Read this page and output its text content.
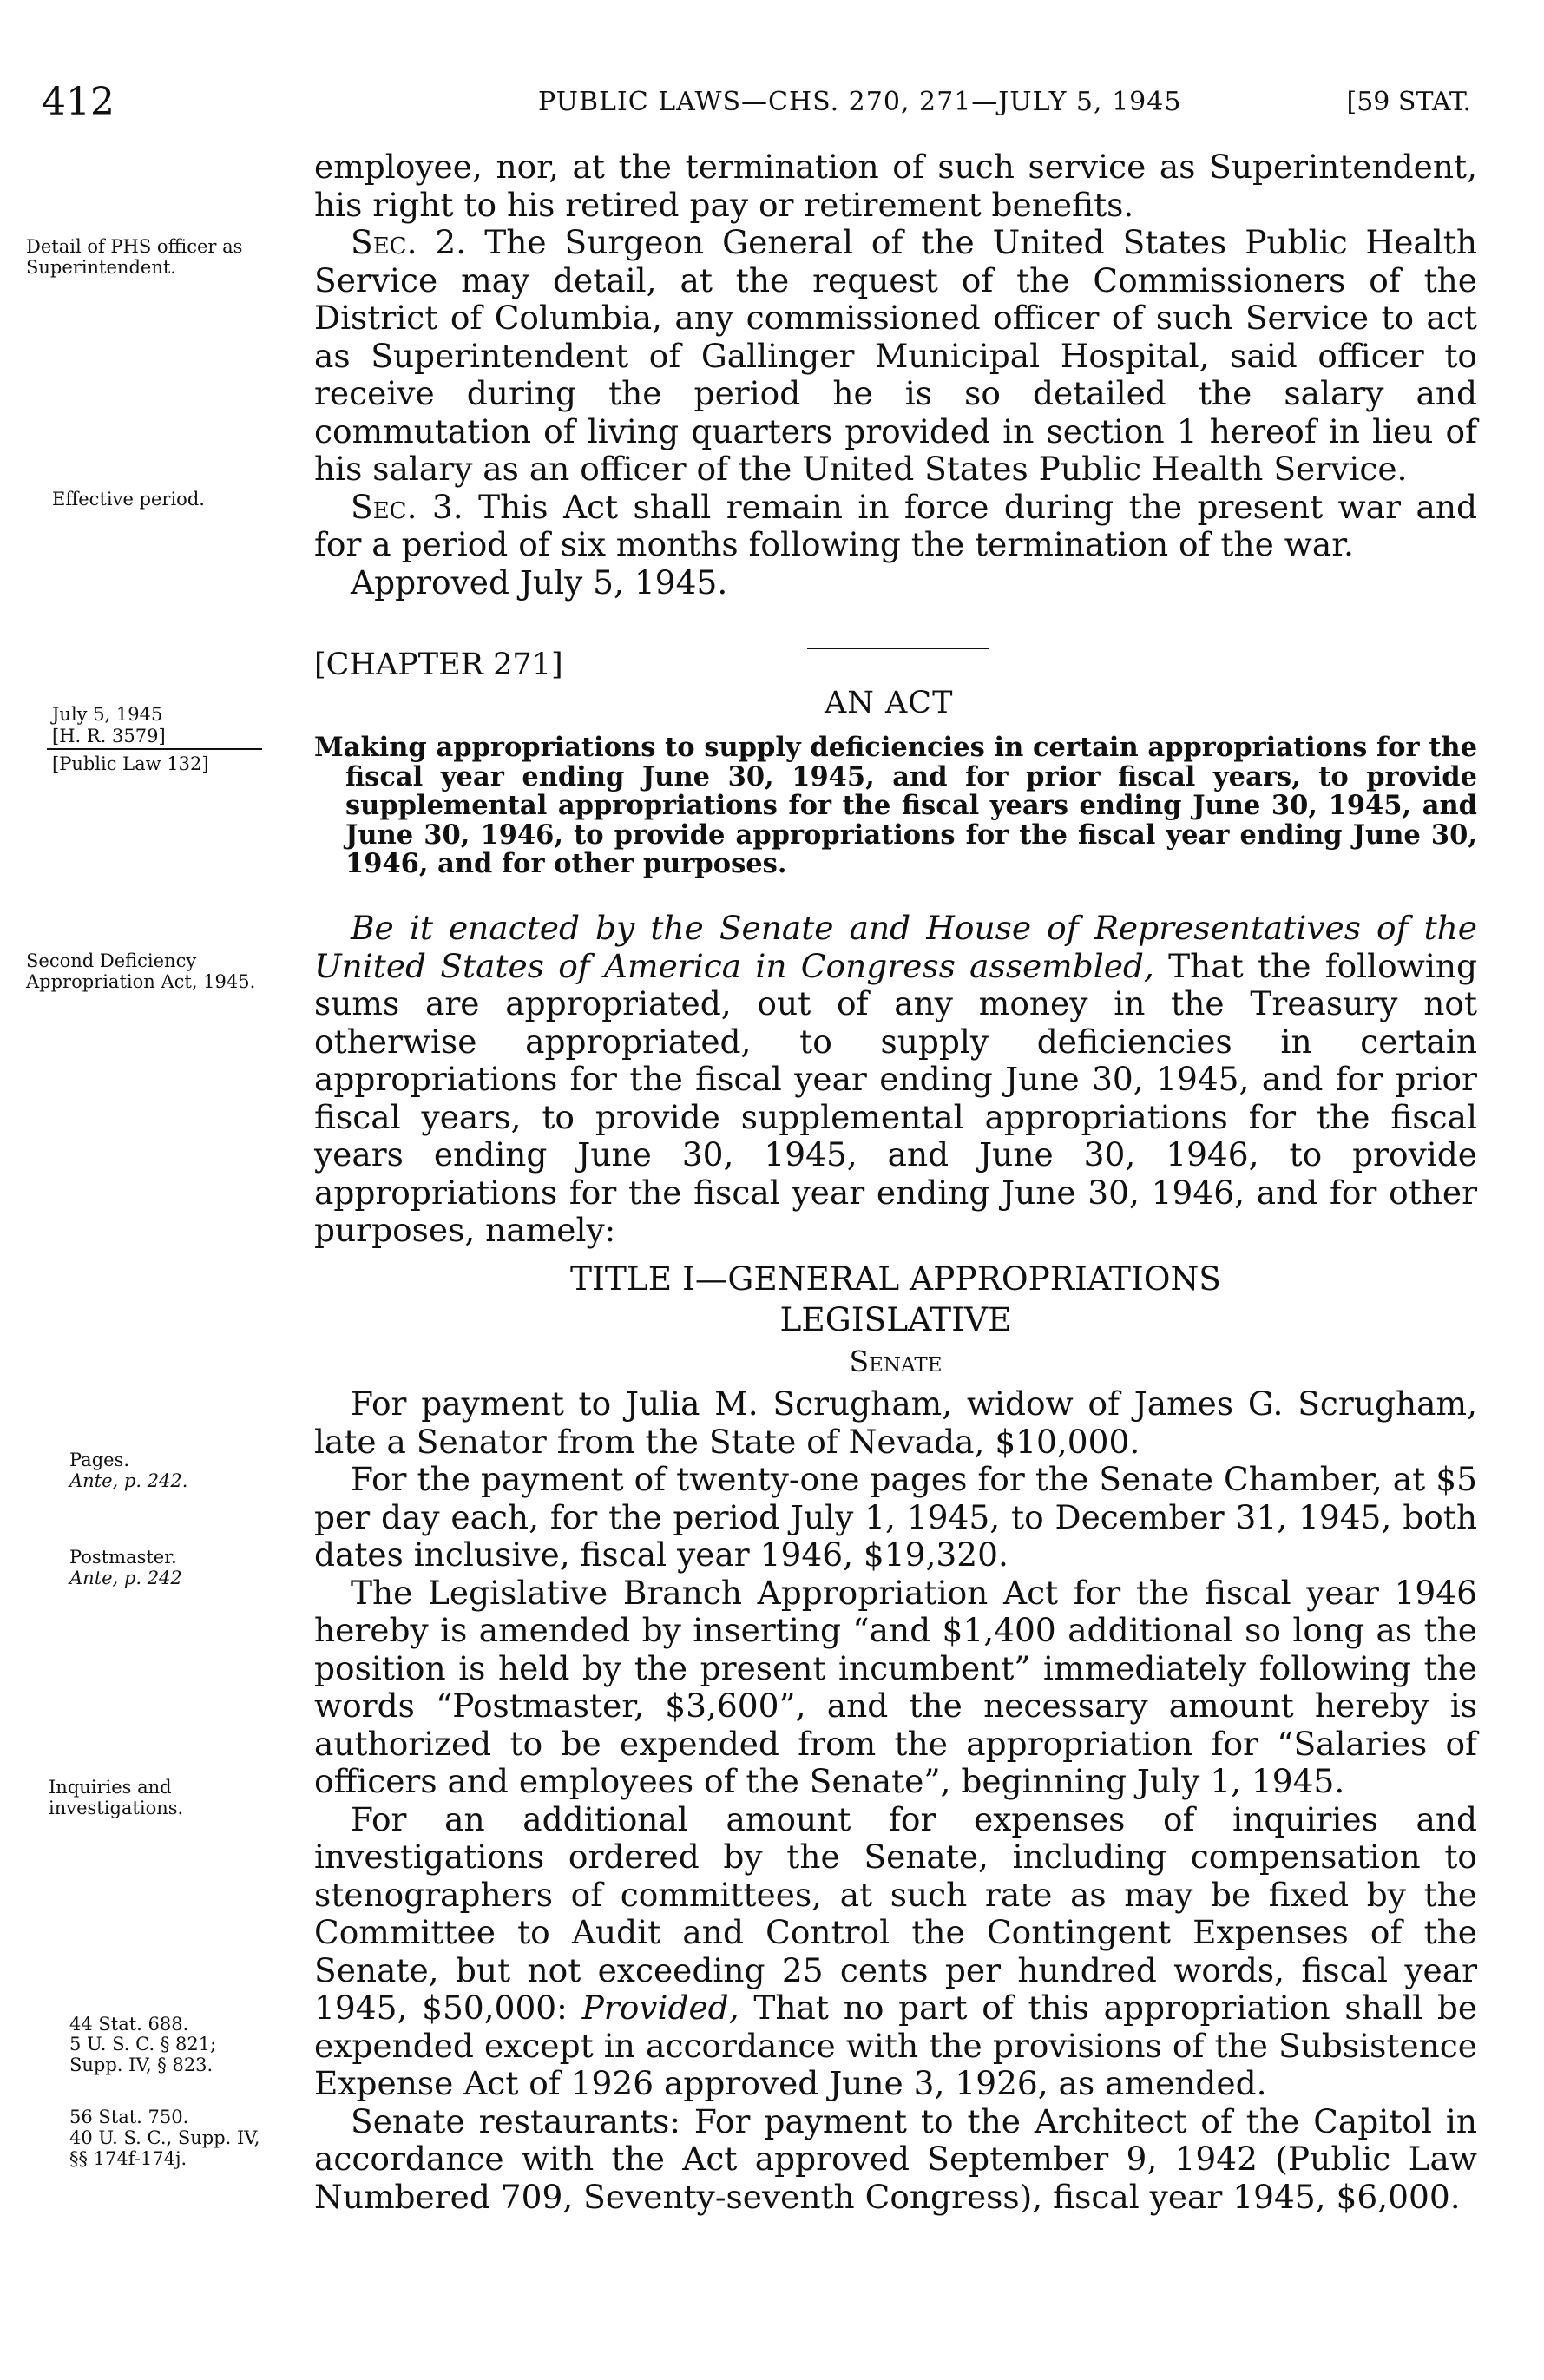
412	PUBLIC LAWS—CHS. 270, 271—JULY 5, 1945	[59 STAT.
Detail of PHS officer as Superintendent.
Effective period.
July 5, 1945
[H. R. 3579]
[Public Law 132]
Second Deficiency Appropriation Act, 1945.
Pages.
Ante, p. 242.
Postmaster.
Ante, p. 242
Inquiries and investigations.
44 Stat. 688.
5 U. S. C. § 821; Supp. IV, § 823.
56 Stat. 750.
40 U. S. C., Supp. IV, §§ 174f-174j.

employee, nor, at the termination of such service as Superintendent, his right to his retired pay or retirement benefits.

Sec. 2. The Surgeon General of the United States Public Health Service may detail, at the request of the Commissioners of the District of Columbia, any commissioned officer of such Service to act as Superintendent of Gallinger Municipal Hospital, said officer to receive during the period he is so detailed the salary and commutation of living quarters provided in section 1 hereof in lieu of his salary as an officer of the United States Public Health Service.

Sec. 3. This Act shall remain in force during the present war and for a period of six months following the termination of the war.

Approved July 5, 1945.

[CHAPTER 271]
AN ACT

Making appropriations to supply deficiencies in certain appropriations for the fiscal year ending June 30, 1945, and for prior fiscal years, to provide supplemental appropriations for the fiscal years ending June 30, 1945, and June 30, 1946, to provide appropriations for the fiscal year ending June 30, 1946, and for other purposes.

Be it enacted by the Senate and House of Representatives of the United States of America in Congress assembled, That the following sums are appropriated, out of any money in the Treasury not otherwise appropriated, to supply deficiencies in certain appropriations for the fiscal year ending June 30, 1945, and for prior fiscal years, to provide supplemental appropriations for the fiscal years ending June 30, 1945, and June 30, 1946, to provide appropriations for the fiscal year ending June 30, 1946, and for other purposes, namely:

TITLE I—GENERAL APPROPRIATIONS

LEGISLATIVE

Senate

For payment to Julia M. Scrugham, widow of James G. Scrugham, late a Senator from the State of Nevada, $10,000.

For the payment of twenty-one pages for the Senate Chamber, at $5 per day each, for the period July 1, 1945, to December 31, 1945, both dates inclusive, fiscal year 1946, $19,320.

The Legislative Branch Appropriation Act for the fiscal year 1946 hereby is amended by inserting “and $1,400 additional so long as the position is held by the present incumbent” immediately following the words “Postmaster, $3,600”, and the necessary amount hereby is authorized to be expended from the appropriation for “Salaries of officers and employees of the Senate”, beginning July 1, 1945.

For an additional amount for expenses of inquiries and investigations ordered by the Senate, including compensation to stenographers of committees, at such rate as may be fixed by the Committee to Audit and Control the Contingent Expenses of the Senate, but not exceeding 25 cents per hundred words, fiscal year 1945, $50,000: Provided, That no part of this appropriation shall be expended except in accordance with the provisions of the Subsistence Expense Act of 1926 approved June 3, 1926, as amended.

Senate restaurants: For payment to the Architect of the Capitol in accordance with the Act approved September 9, 1942 (Public Law Numbered 709, Seventy-seventh Congress), fiscal year 1945, $6,000.
